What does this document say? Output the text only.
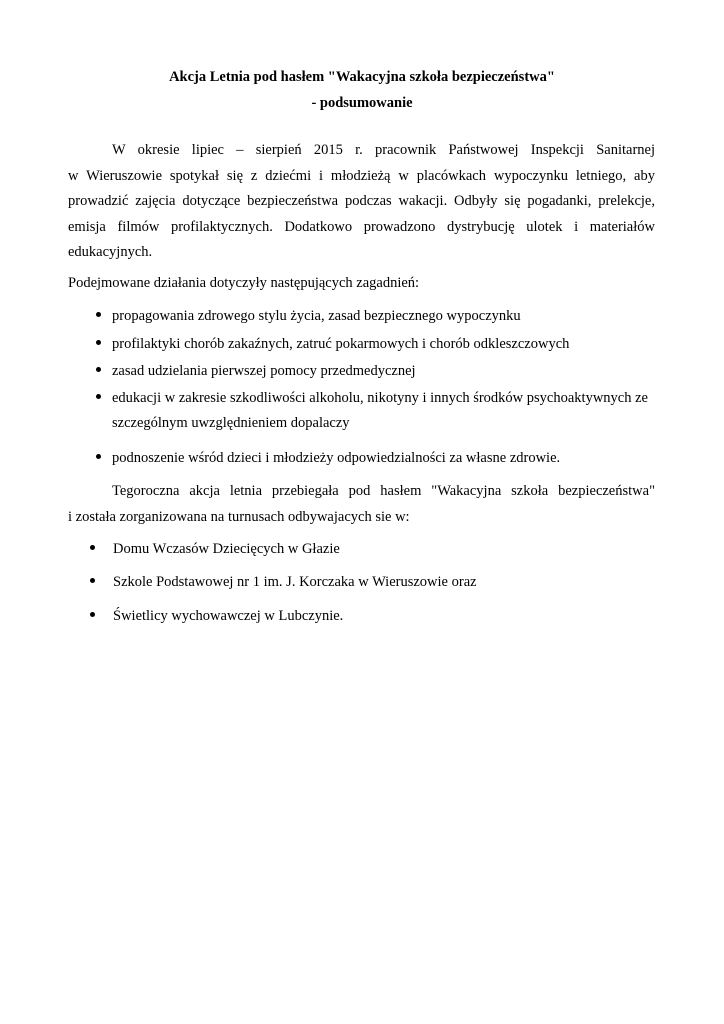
Akcja Letnia pod hasłem "Wakacyjna szkoła bezpieczeństwa"
- podsumowanie
W okresie lipiec – sierpień 2015 r. pracownik Państwowej Inspekcji Sanitarnej
w Wieruszowie spotykał się z dziećmi i młodzieżą w placówkach wypoczynku letniego, aby
prowadzić zajęcia dotyczące bezpieczeństwa podczas wakacji. Odbyły się pogadanki, prelekcje,
emisja filmów profilaktycznych. Dodatkowo prowadzono dystrybucję ulotek i materiałów
edukacyjnych.
Podejmowane działania dotyczyły następujących zagadnień:
propagowania zdrowego stylu życia, zasad bezpiecznego wypoczynku
profilaktyki chorób zakaźnych, zatruć pokarmowych i chorób odkleszczowych
zasad udzielania pierwszej pomocy przedmedycznej
edukacji w zakresie szkodliwości alkoholu, nikotyny i innych środków psychoaktywnych ze
szczególnym uwzględnieniem dopalaczy
podnoszenie wśród dzieci i młodzieży odpowiedzialności za własne zdrowie.
Tegoroczna akcja letnia przebiegała pod hasłem "Wakacyjna szkoła bezpieczeństwa"
i została zorganizowana na turnusach odbywajacych sie w:
Domu Wczasów Dziecięcych w Głazie
Szkole Podstawowej nr 1 im. J. Korczaka w Wieruszowie oraz
Świetlicy wychowawczej w Lubczynie.
